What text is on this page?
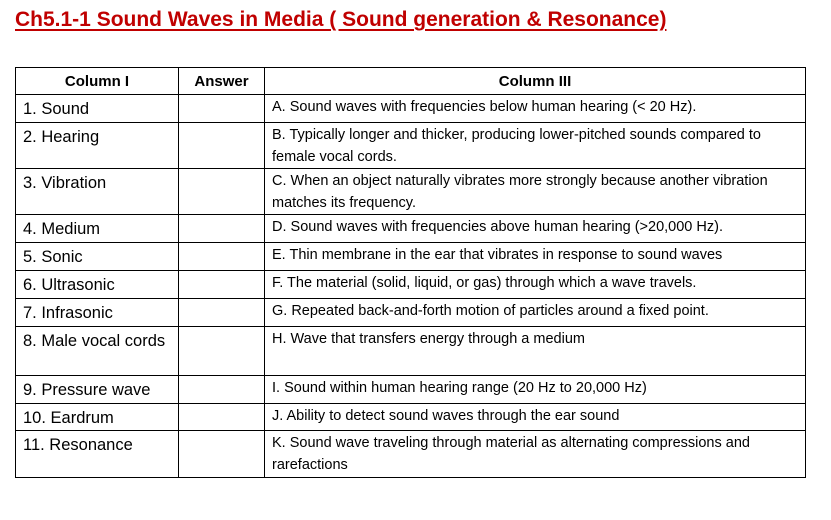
Ch5.1-1 Sound Waves in Media ( Sound generation & Resonance)
Column I	Answer	Column III
1. Sound		A. Sound waves with frequencies below human hearing (< 20 Hz).
2. Hearing		B. Typically longer and thicker, producing lower-pitched sounds compared to female vocal cords.
3. Vibration		C. When an object naturally vibrates more strongly because another vibration matches its frequency.
4. Medium		D. Sound waves with frequencies above human hearing (>20,000 Hz).
5. Sonic		E. Thin membrane in the ear that vibrates in response to sound waves
6. Ultrasonic		F. The material (solid, liquid, or gas) through which a wave travels.
7. Infrasonic		G. Repeated back-and-forth motion of particles around a fixed point.
8. Male vocal cords		H. Wave that transfers energy through a medium
9. Pressure wave		I. Sound within human hearing range (20 Hz to 20,000 Hz)
10. Eardrum		J. Ability to detect sound waves through the ear sound
11. Resonance		K. Sound wave traveling through material as alternating compressions and rarefactions
